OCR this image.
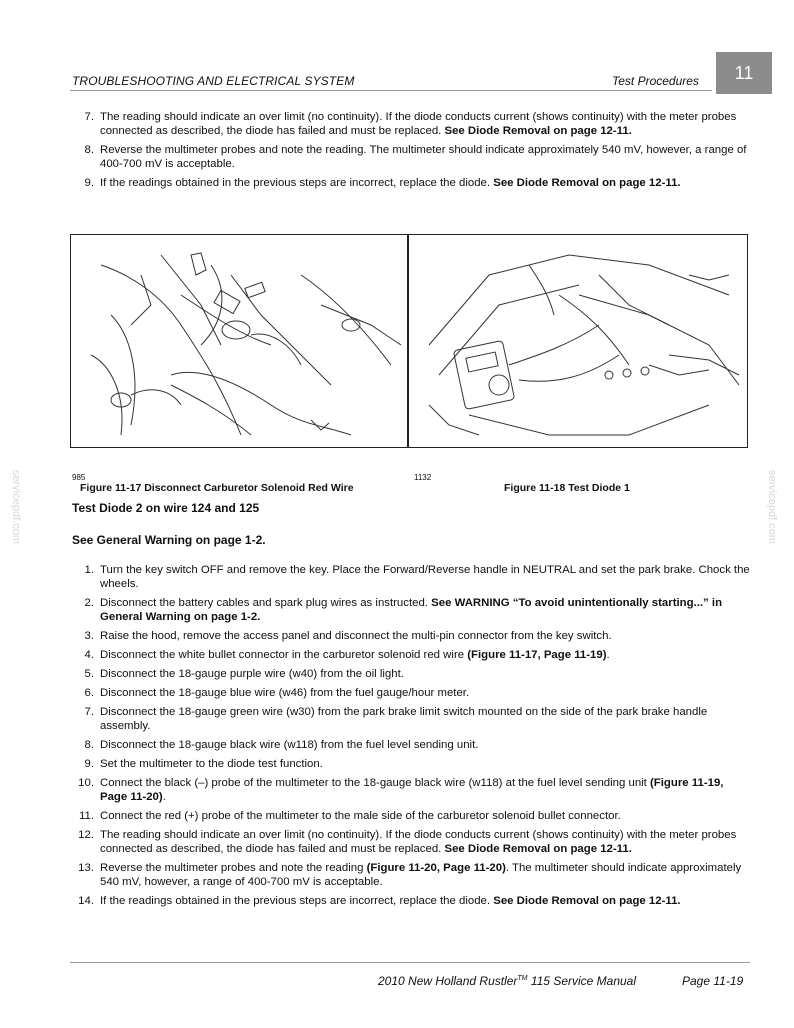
11
TROUBLESHOOTING AND ELECTRICAL SYSTEM	Test Procedures
7. The reading should indicate an over limit (no continuity). If the diode conducts current (shows continuity) with the meter probes connected as described, the diode has failed and must be replaced. See Diode Removal on page 12-11.
8. Reverse the multimeter probes and note the reading. The multimeter should indicate approximately 540 mV, however, a range of 400-700 mV is acceptable.
9. If the readings obtained in the previous steps are incorrect, replace the diode. See Diode Removal on page 12-11.
985
Figure 11-17 Disconnect Carburetor Solenoid Red Wire
1132
Figure 11-18 Test Diode 1
Test Diode 2 on wire 124 and 125
See General Warning on page 1-2.
servicepdf.com	servicepdf.com
1. Turn the key switch OFF and remove the key. Place the Forward/Reverse handle in NEUTRAL and set the park brake. Chock the wheels.
2. Disconnect the battery cables and spark plug wires as instructed. See WARNING “To avoid unintentionally starting...” in General Warning on page 1-2.
3. Raise the hood, remove the access panel and disconnect the multi-pin connector from the key switch.
4. Disconnect the white bullet connector in the carburetor solenoid red wire (Figure 11-17, Page 11-19).
5. Disconnect the 18-gauge purple wire (w40) from the oil light.
6. Disconnect the 18-gauge blue wire (w46) from the fuel gauge/hour meter.
7. Disconnect the 18-gauge green wire (w30) from the park brake limit switch mounted on the side of the park brake handle assembly.
8. Disconnect the 18-gauge black wire (w118) from the fuel level sending unit.
9. Set the multimeter to the diode test function.
10. Connect the black (–) probe of the multimeter to the 18-gauge black wire (w118) at the fuel level sending unit (Figure 11-19, Page 11-20).
11. Connect the red (+) probe of the multimeter to the male side of the carburetor solenoid bullet connector.
12. The reading should indicate an over limit (no continuity). If the diode conducts current (shows continuity) with the meter probes connected as described, the diode has failed and must be replaced. See Diode Removal on page 12-11.
13. Reverse the multimeter probes and note the reading (Figure 11-20, Page 11-20). The multimeter should indicate approximately 540 mV, however, a range of 400-700 mV is acceptable.
14. If the readings obtained in the previous steps are incorrect, replace the diode. See Diode Removal on page 12-11.
2010 New Holland Rustler™ 115 Service Manual	Page 11-19
